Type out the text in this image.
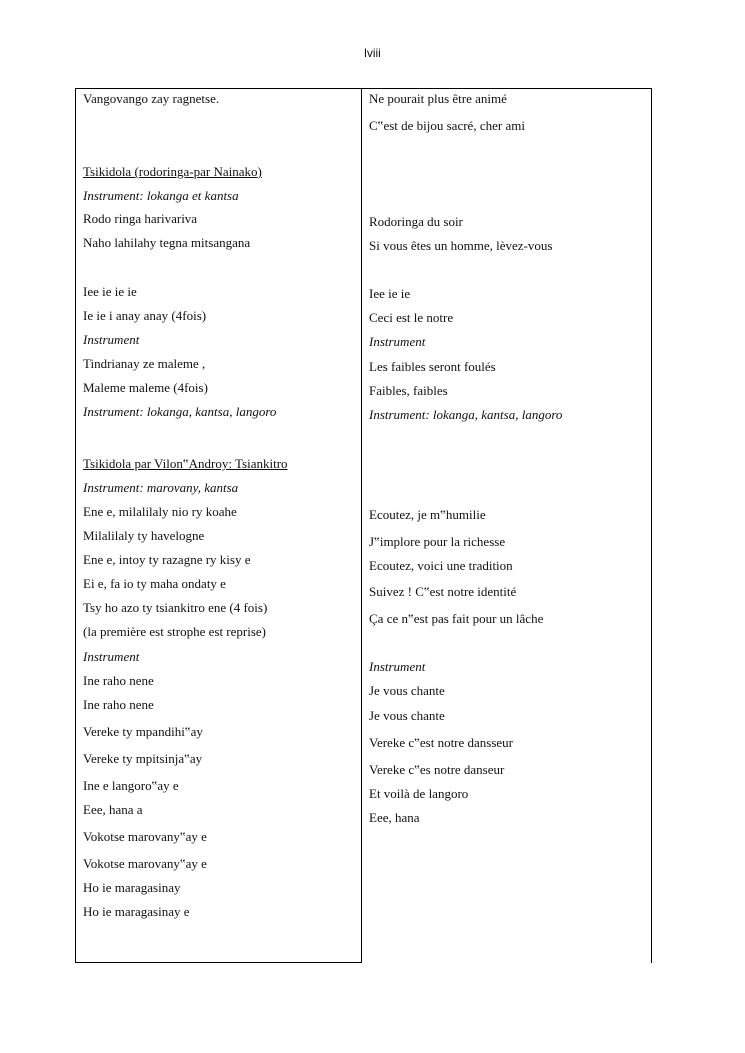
lviii
Vangovango zay ragnetse.
Tsikidola (rodoringa-par Nainako)
Instrument: lokanga et kantsa
Rodo ringa harivariva
Naho lahilahy tegna mitsangana
Iee ie ie ie
Ie ie i anay anay (4fois)
Instrument
Tindrianay ze maleme ,
Maleme maleme (4fois)
Instrument: lokanga, kantsa, langoro
Tsikidola par Vilon‟Androy: Tsiankitro
Instrument: marovany, kantsa
Ene e, milalilaly nio ry koahe
Milalilaly ty havelogne
Ene e, intoy ty razagne ry kisy e
Ei e, fa io ty maha ondaty e
Tsy ho azo ty tsiankitro ene (4 fois)
(la première est strophe est reprise)
Instrument
Ine raho nene
Ine raho nene
Vereke ty mpandihi‟ay
Vereke ty mpitsinja‟ay
Ine e langoro‟ay e
Eee, hana a
Vokotse marovany‟ay e
Vokotse marovany‟ay e
Ho ie maragasinay
Ho ie maragasinay e
Ne pourait plus être animé
C‟est de bijou sacré, cher ami
Rodoringa du soir
Si vous êtes un homme, lèvez-vous
Iee ie ie
Ceci est le notre
Instrument
Les faibles seront foulés
Faibles, faibles
Instrument: lokanga, kantsa, langoro
Ecoutez, je m‟humilie
J‟implore pour la richesse
Ecoutez, voici une tradition
Suivez ! C‟est notre identité
Ça ce n‟est pas fait pour un lâche
Instrument
Je vous chante
Je vous chante
Vereke c‟est notre dansseur
Vereke c‟es notre danseur
Et voilà de langoro
Eee, hana
